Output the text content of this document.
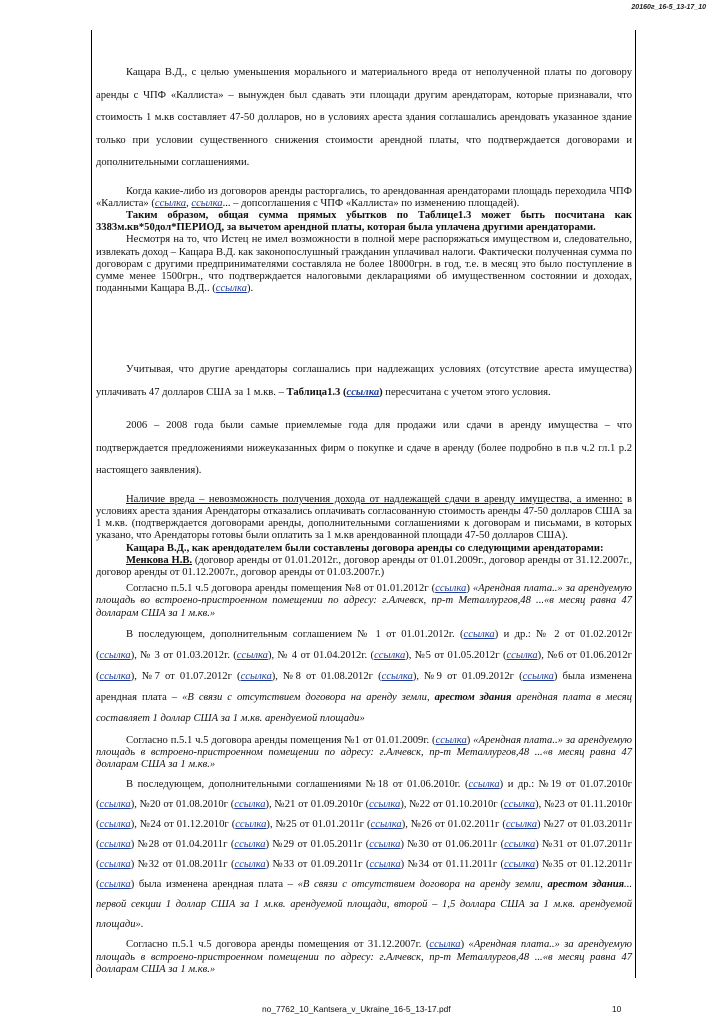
20160г_16-5_13-17_10

Кащара В.Д., с целью уменьшения морального и материального вреда от неполученной платы по договору аренды с ЧПФ «Каллиста» – вынужден был сдавать эти площади другим арендаторам, которые признавали, что стоимость 1 м.кв составляет 47-50 долларов, но в условиях ареста здания соглашались арендовать указанное здание только при условии существенного снижения стоимости арендной платы, что подтверждается договорами и дополнительными соглашениями.

Когда какие-либо из договоров аренды расторгались, то арендованная арендаторами площадь переходила ЧПФ «Каллиста» (ссылка, ссылка... – допсоглашения с ЧПФ «Каллиста» по изменению площадей).

Таким образом, общая сумма прямых убытков по Таблице1.3 может быть посчитана как 3383м.кв*50дол*ПЕРИОД, за вычетом арендной платы, которая была уплачена другими арендаторами.

Несмотря на то, что Истец не имел возможности в полной мере распоряжаться имуществом и, следовательно, извлекать доход – Кащара В.Д. как законопослушный гражданин уплачивал налоги. Фактически полученная сумма по договорам с другими предпринимателями составляла не более 18000грн. в год, т.е. в месяц это было поступление в сумме менее 1500грн., что подтверждается налоговыми декларациями об имущественном состоянии и доходах, поданными Кащара В.Д.. (ссылка).

Учитывая, что другие арендаторы соглашались при надлежащих условиях (отсутствие ареста имущества) уплачивать 47 долларов США за 1 м.кв. – Таблица1.3 (ссылка) пересчитана с учетом этого условия.

2006 – 2008 года были самые приемлемые года для продажи или сдачи в аренду имущества – что подтверждается предложениями нижеуказанных фирм о покупке и сдаче в аренду (более подробно в п.в ч.2 гл.1 р.2 настоящего заявления).

Наличие вреда – невозможность получения дохода от надлежащей сдачи в аренду имущества, а именно: в условиях ареста здания Арендаторы отказались оплачивать согласованную стоимость аренды 47-50 долларов США за 1 м.кв. (подтверждается договорами аренды, дополнительными соглашениями к договорам и письмами, в которых указано, что Арендаторы готовы были оплатить за 1 м.кв арендованной площади 47-50 долларов США).

Кащара В.Д., как арендодателем были составлены договора аренды со следующими арендаторами:

Менкова Н.В. (договор аренды от 01.01.2012г., договор аренды от 01.01.2009г., договор аренды от 31.12.2007г., договор аренды от 01.12.2007г., договор аренды от 01.03.2007г.)

Согласно п.5.1 ч.5 договора аренды помещения №8 от 01.01.2012г (ссылка) «Арендная плата..» за арендуемую площадь во встроено-пристроенном помещении по адресу: г.Алчевск, пр-т Металлургов,48 ...«в месяц равна 47 долларам США за 1 м.кв.»

В последующем, дополнительным соглашением № 1 от 01.01.2012г. (ссылка) и др.: № 2 от 01.02.2012г (ссылка), № 3 от 01.03.2012г. (ссылка), № 4 от 01.04.2012г. (ссылка), №5 от 01.05.2012г (ссылка), №6 от 01.06.2012г (ссылка), №7 от 01.07.2012г (ссылка), №8 от 01.08.2012г (ссылка), №9 от 01.09.2012г (ссылка) была изменена арендная плата – «В связи с отсутствием договора на аренду земли, арестом здания арендная плата в месяц составляет 1 доллар США за 1 м.кв. арендуемой площади»

Согласно п.5.1 ч.5 договора аренды помещения №1 от 01.01.2009г. (ссылка) «Арендная плата..» за арендуемую площадь в встроено-пристроенном помещении по адресу: г.Алчевск, пр-т Металлургов,48 ...«в месяц равна 47 долларам США за 1 м.кв.»

В последующем, дополнительными соглашениями №18 от 01.06.2010г. (ссылка) и др.: №19 от 01.07.2010г (ссылка), №20 от 01.08.2010г (ссылка), №21 от 01.09.2010г (ссылка), №22 от 01.10.2010г (ссылка), №23 от 01.11.2010г (ссылка), №24 от 01.12.2010г (ссылка), №25 от 01.01.2011г (ссылка), №26 от 01.02.2011г (ссылка) №27 от 01.03.2011г (ссылка) №28 от 01.04.2011г (ссылка) №29 от 01.05.2011г (ссылка) №30 от 01.06.2011г (ссылка) №31 от 01.07.2011г (ссылка) №32 от 01.08.2011г (ссылка) №33 от 01.09.2011г (ссылка) №34 от 01.11.2011г (ссылка) №35 от 01.12.2011г (ссылка) была изменена арендная плата – «В связи с отсутствием договора на аренду земли, арестом здания... первой секции 1 доллар США за 1 м.кв. арендуемой площади, второй – 1,5 доллара США за 1 м.кв. арендуемой площади».

Согласно п.5.1 ч.5 договора аренды помещения от 31.12.2007г. (ссылка) «Арендная плата..» за арендуемую площадь в встроено-пристроенном помещении по адресу: г.Алчевск, пр-т Металлургов,48 ...«в месяц равна 47 долларам США за 1 м.кв.»

no_7762_10_Kantsera_v_Ukraine_16-5_13-17.pdf	10
